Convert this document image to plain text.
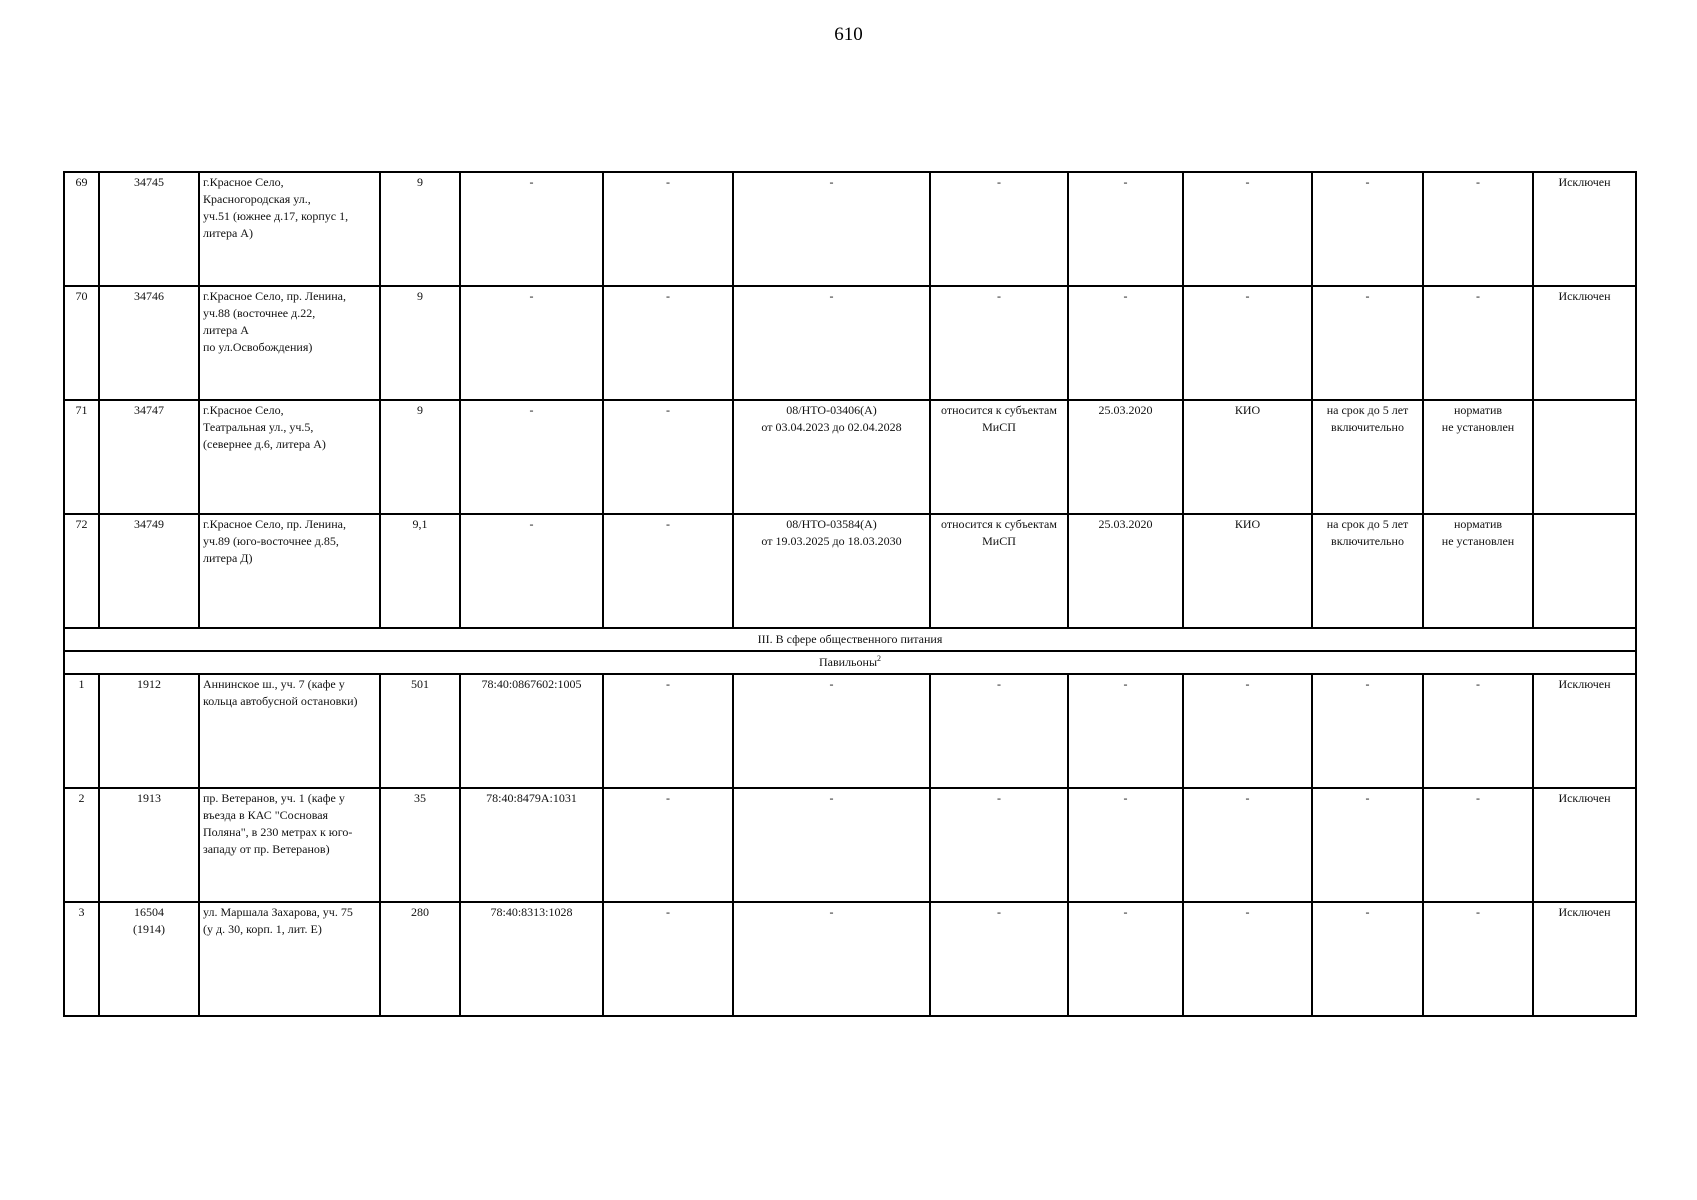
610
69	34745	г.Красное Село,
Красногородская ул.,
уч.51 (южнее д.17, корпус 1,
литера А)	9	-	-	-	-	-	-	-	-	Исключен
70	34746	г.Красное Село, пр. Ленина,
уч.88 (восточнее д.22,
литера А
по ул.Освобождения)	9	-	-	-	-	-	-	-	-	Исключен
71	34747	г.Красное Село,
Театральная ул., уч.5,
(севернее д.6, литера А)	9	-	-	08/НТО-03406(А)
от 03.04.2023 до 02.04.2028	относится к субъектам
МиСП	25.03.2020	КИО	на срок до 5 лет
включительно	норматив
не установлен	
72	34749	г.Красное Село, пр. Ленина,
уч.89 (юго-восточнее д.85,
литера Д)	9,1	-	-	08/НТО-03584(А)
от 19.03.2025 до 18.03.2030	относится к субъектам
МиСП	25.03.2020	КИО	на срок до 5 лет
включительно	норматив
не установлен	
III. В сфере общественного питания												
Павильоны$^2$
1	1912	Аннинское ш., уч. 7 (кафе у
кольца автобусной остановки)	501	78:40:0867602:1005	-	-	-	-	-	-	-	Исключен
2	1913	пр. Ветеранов, уч. 1 (кафе у
въезда в КАС "Сосновая
Поляна", в 230 метрах к юго-
западу от пр. Ветеранов)	35	78:40:8479А:1031	-	-	-	-	-	-	-	Исключен
3	16504
(1914)	ул. Маршала Захарова, уч. 75
(у д. 30, корп. 1, лит. Е)	280	78:40:8313:1028	-	-	-	-	-	-	-	Исключен
